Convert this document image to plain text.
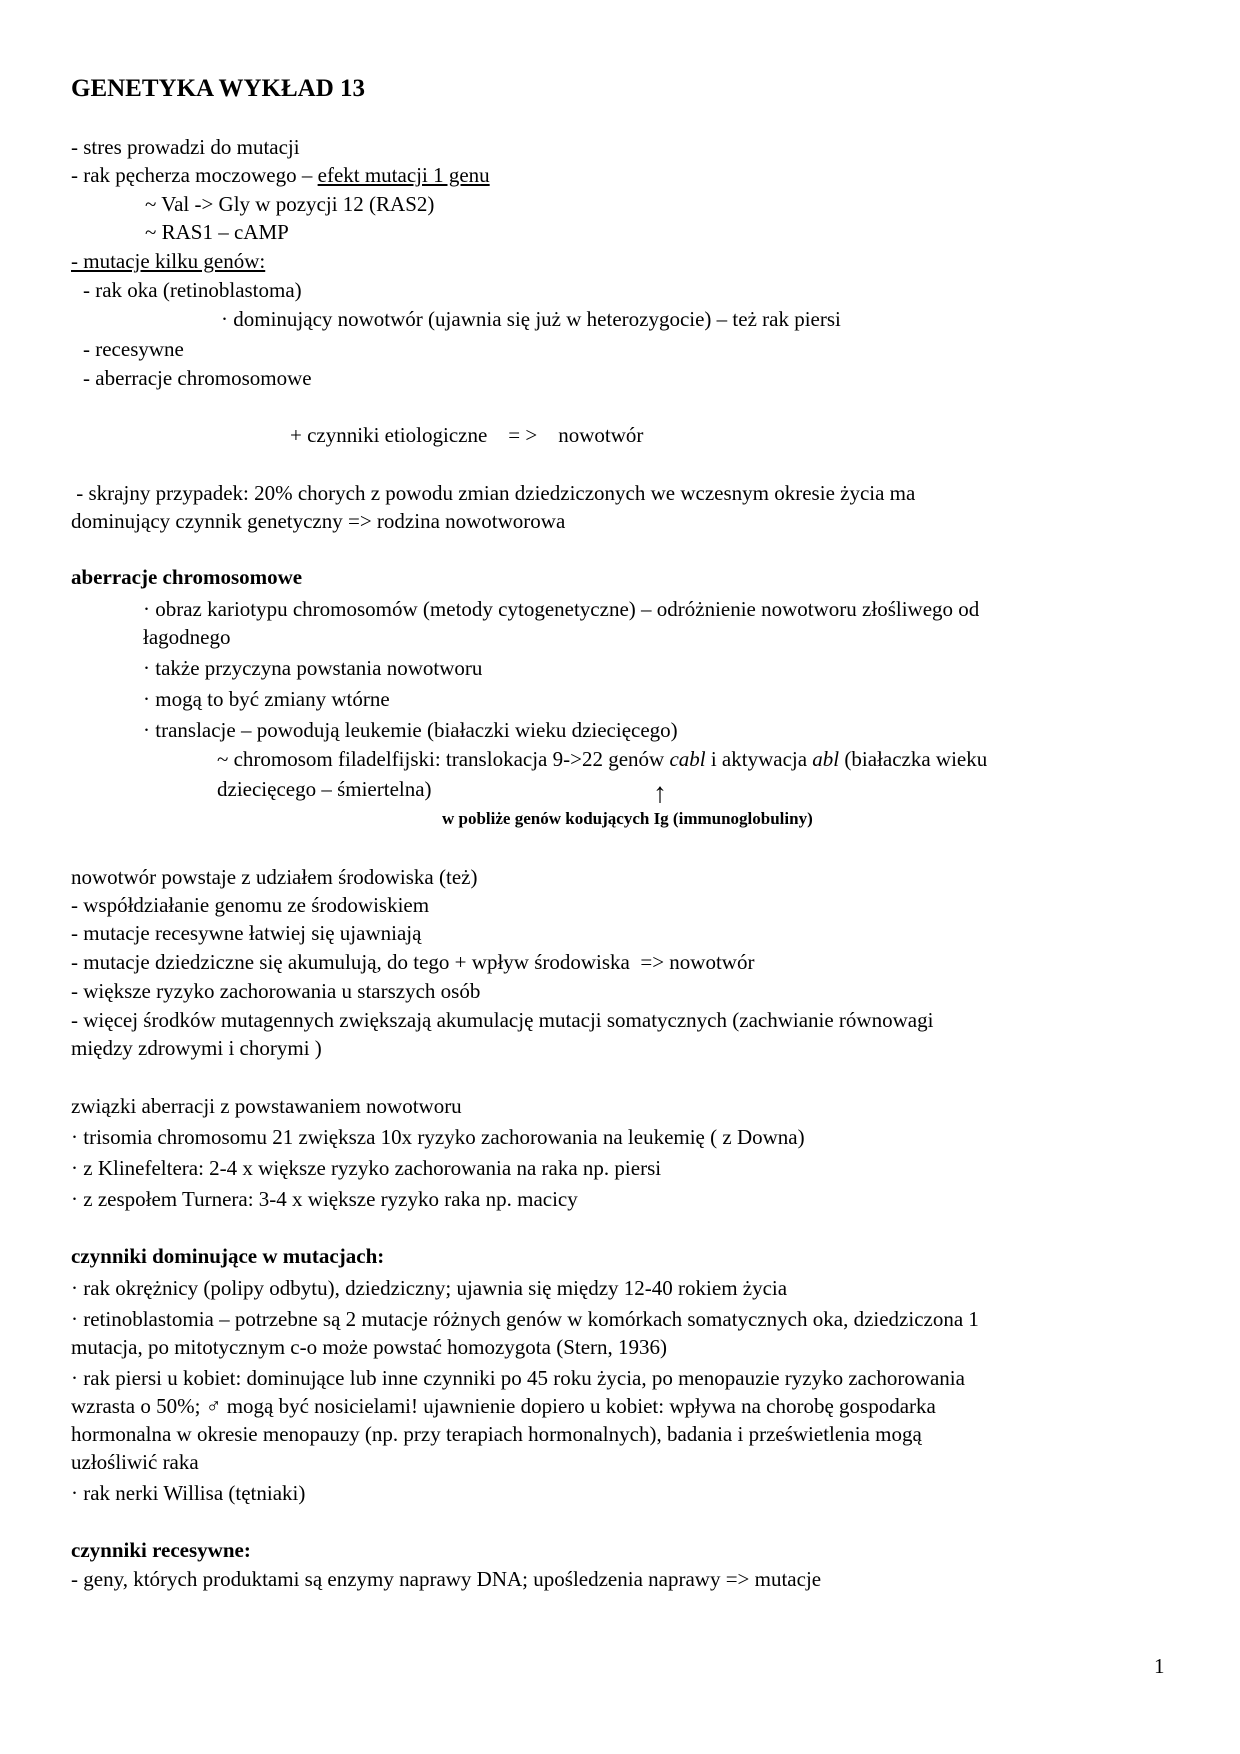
GENETYKA WYKŁAD 13
- stres prowadzi do mutacji
- rak pęcherza moczowego – efekt mutacji 1 genu
~ Val -> Gly w pozycji 12 (RAS2)
~ RAS1 – cAMP
- mutacje kilku genów:
- rak oka (retinoblastoma)
· dominujący nowotwór (ujawnia się już w heterozygocie) – też rak piersi
- recesywne
- aberracje chromosomowe
+ czynniki etiologiczne    = >    nowotwór
- skrajny przypadek: 20% chorych z powodu zmian dziedziczonych we wczesnym okresie życia ma
dominujący czynnik genetyczny => rodzina nowotworowa
aberracje chromosomowe
· obraz kariotypu chromosomów (metody cytogenetyczne) – odróżnienie nowotworu złośliwego od
łagodnego
· także przyczyna powstania nowotworu
· mogą to być zmiany wtórne
· translacje – powodują leukemie (białaczki wieku dziecięcego)
~ chromosom filadelfijski: translokacja 9->22 genów cabl i aktywacja abl (białaczka wieku
dziecięcego – śmiertelna)	↑
w pobliże genów kodujących Ig (immunoglobuliny)
nowotwór powstaje z udziałem środowiska (też)
- współdziałanie genomu ze środowiskiem
- mutacje recesywne łatwiej się ujawniają
- mutacje dziedziczne się akumulują, do tego + wpływ środowiska  => nowotwór
- większe ryzyko zachorowania u starszych osób
- więcej środków mutagennych zwiększają akumulację mutacji somatycznych (zachwianie równowagi
między zdrowymi i chorymi )
związki aberracji z powstawaniem nowotworu
· trisomia chromosomu 21 zwiększa 10x ryzyko zachorowania na leukemię ( z Downa)
· z Klinefeltera: 2-4 x większe ryzyko zachorowania na raka np. piersi
· z zespołem Turnera: 3-4 x większe ryzyko raka np. macicy
czynniki dominujące w mutacjach:
· rak okrężnicy (polipy odbytu), dziedziczny; ujawnia się między 12-40 rokiem życia
· retinoblastomia – potrzebne są 2 mutacje różnych genów w komórkach somatycznych oka, dziedziczona 1
mutacja, po mitotycznym c-o może powstać homozygota (Stern, 1936)
· rak piersi u kobiet: dominujące lub inne czynniki po 45 roku życia, po menopauzie ryzyko zachorowania
wzrasta o 50%; ♂ mogą być nosicielami! ujawnienie dopiero u kobiet: wpływa na chorobę gospodarka
hormonalna w okresie menopauzy (np. przy terapiach hormonalnych), badania i prześwietlenia mogą
uzłośliwić raka
· rak nerki Willisa (tętniaki)
czynniki recesywne:
- geny, których produktami są enzymy naprawy DNA; upośledzenia naprawy => mutacje
1
